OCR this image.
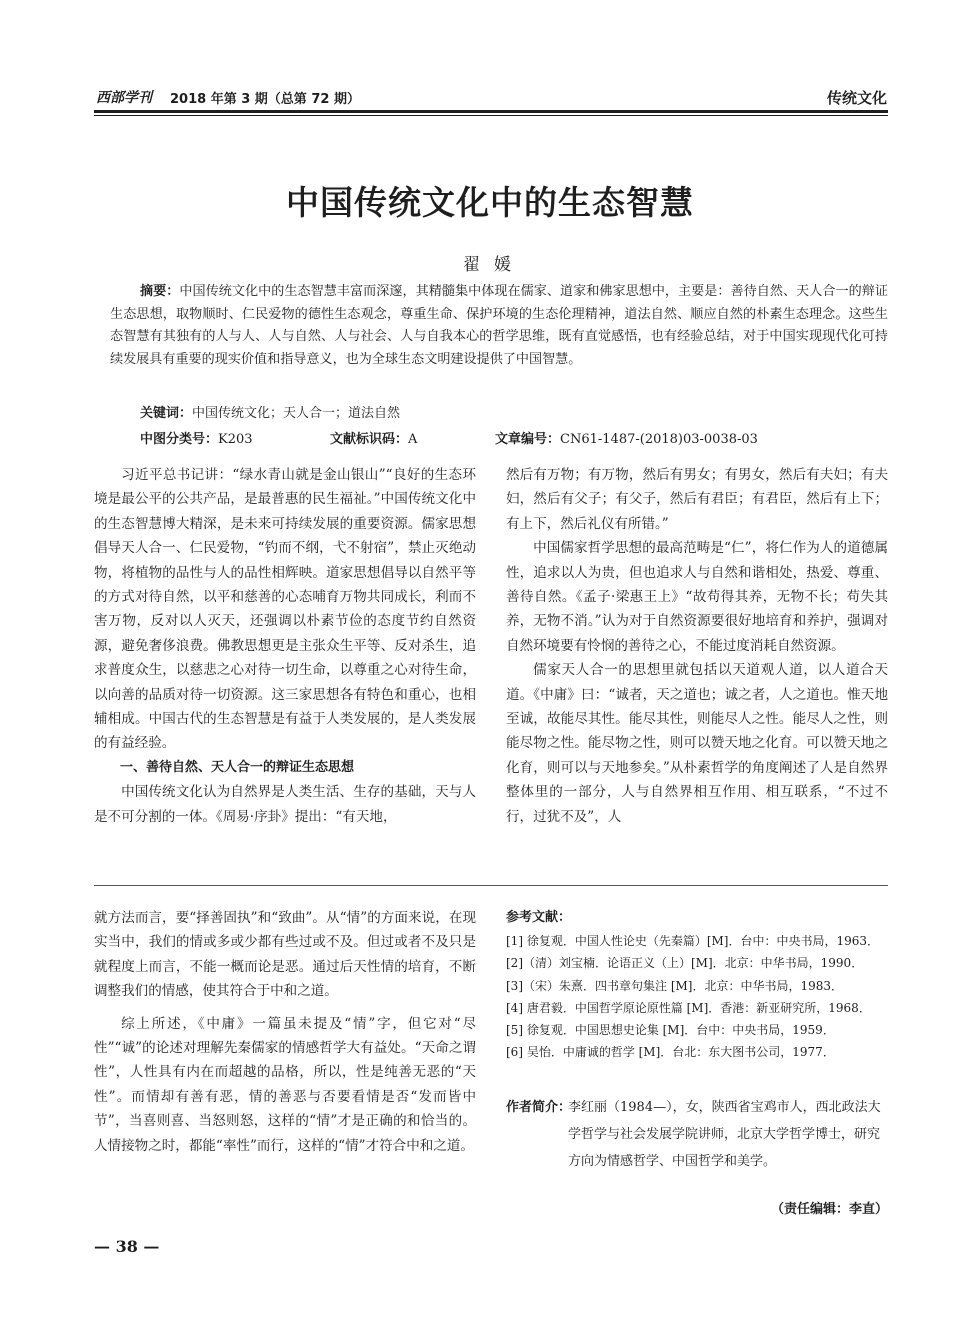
西部学刊 2018 年第 3 期（总第 72 期）	传统文化
中国传统文化中的生态智慧
翟媛
摘要：中国传统文化中的生态智慧丰富而深邃，其精髓集中体现在儒家、道家和佛家思想中，主要是：善待自然、天人合一的辩证生态思想，取物顺时、仁民爱物的德性生态观念，尊重生命、保护环境的生态伦理精神，道法自然、顺应自然的朴素生态理念。这些生态智慧有其独有的人与人、人与自然、人与社会、人与自我本心的哲学思维，既有直觉感悟，也有经验总结，对于中国实现现代化可持续发展具有重要的现实价值和指导意义，也为全球生态文明建设提供了中国智慧。
关键词：中国传统文化；天人合一；道法自然
中图分类号：K203	文献标识码：A	文章编号：CN61-1487-(2018)03-0038-03

习近平总书记讲：“绿水青山就是金山银山”“良好的生态环境是最公平的公共产品，是最普惠的民生福祉。”中国传统文化中的生态智慧博大精深，是未来可持续发展的重要资源。儒家思想倡导天人合一、仁民爱物，“钓而不纲，弋不射宿”，禁止灭绝动物，将植物的品性与人的品性相辉映。道家思想倡导以自然平等的方式对待自然，以平和慈善的心态哺育万物共同成长，利而不害万物，反对以人灭天，还强调以朴素节俭的态度节约自然资源，避免奢侈浪费。佛教思想更是主张众生平等、反对杀生，追求普度众生，以慈悲之心对待一切生命，以尊重之心对待生命，以向善的品质对待一切资源。这三家思想各有特色和重心，也相辅相成。中国古代的生态智慧是有益于人类发展的，是人类发展的有益经验。

一、善待自然、天人合一的辩证生态思想

中国传统文化认为自然界是人类生活、生存的基础，天与人是不可分割的一体。《周易·序卦》提出：“有天地，

然后有万物；有万物，然后有男女；有男女，然后有夫妇；有夫妇，然后有父子；有父子，然后有君臣；有君臣，然后有上下；有上下，然后礼仪有所错。”

中国儒家哲学思想的最高范畴是“仁”，将仁作为人的道德属性，追求以人为贵，但也追求人与自然和谐相处，热爱、尊重、善待自然。《孟子·梁惠王上》“故苟得其养，无物不长；苟失其养，无物不消。”认为对于自然资源要很好地培育和养护，强调对自然环境要有怜悯的善待之心，不能过度消耗自然资源。

儒家天人合一的思想里就包括以天道观人道，以人道合天道。《中庸》曰：“诚者，天之道也；诚之者，人之道也。惟天地至诚，故能尽其性。能尽其性，则能尽人之性。能尽人之性，则能尽物之性。能尽物之性，则可以赞天地之化育。可以赞天地之化育，则可以与天地参矣。”从朴素哲学的角度阐述了人是自然界整体里的一部分，人与自然界相互作用、相互联系，“不过不行，过犹不及”，人

就方法而言，要“择善固执”和“致曲”。从“情”的方面来说，在现实当中，我们的情或多或少都有些过或不及。但过或者不及只是就程度上而言，不能一概而论是恶。通过后天性情的培育，不断调整我们的情感，使其符合于中和之道。

综上所述，《中庸》一篇虽未提及“情”字，但它对“尽性”“诚”的论述对理解先秦儒家的情感哲学大有益处。“天命之谓性”，人性具有内在而超越的品格，所以，性是纯善无恶的“天性”。而情却有善有恶，情的善恶与否要看情是否“发而皆中节”，当喜则喜、当怒则怒，这样的“情”才是正确的和恰当的。人情接物之时，都能“率性”而行，这样的“情”才符合中和之道。

参考文献：
[1] 徐复观．中国人性论史（先秦篇）[M]．台中：中央书局，1963．
[2]（清）刘宝楠．论语正义（上）[M]．北京：中华书局，1990．
[3]（宋）朱熹．四书章句集注 [M]．北京：中华书局，1983．
[4] 唐君毅．中国哲学原论原性篇 [M]．香港：新亚研究所，1968．
[5] 徐复观．中国思想史论集 [M]．台中：中央书局，1959．
[6] 吴怡．中庸诚的哲学 [M]．台北：东大图书公司，1977．
作者简介：
李红丽（1984—），女，陕西省宝鸡市人，西北政法大学哲学与社会发展学院讲师，北京大学哲学博士，研究方向为情感哲学、中国哲学和美学。
（责任编辑：李直）
— 38 —
